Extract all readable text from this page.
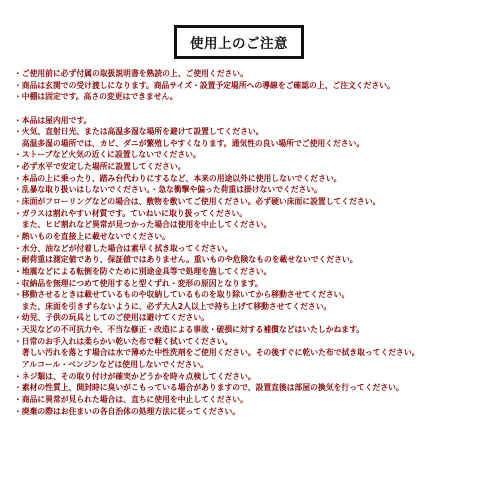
使用上のご注意
・ご使用前に必ず付属の取扱説明書を熟読の上、ご使用ください。
・商品は玄関での受け渡しになります。商品サイズ・設置予定場所への導線をご確認の上、ご注文ください。
・中棚は固定です。高さの変更はできません。
・本品は屋内用です。
・火気、直射日光、または高温多湿な場所を避けて設置してください。
　高温多湿の場所では、カビ、ダニが繁殖しやすくなります。通気性の良い場所でご使用ください。
・ストーブなど火気の近くに設置しないでください。
・必ず水平で安定した場所に設置してください。
・本品の上に乗ったり、踏み台代わりにするなど、本来の用途以外に使用しないでください。
・乱暴な取り扱いはしないでください。・急な衝撃や偏った荷重は掛けないでください。
・床面がフローリングなどの場合は、敷物を敷いてご使用ください。必ず硬い床面に設置してください。
・ガラスは割れやすい材質です。ていねいに取り扱ってください。
　また、ヒビ割れなど異常が見つかった場合は使用を中止してください。
・熱いものを直接上に載せないでください。
・水分、油などが付着した場合は素早く拭き取ってください。
・耐荷重は測定値であり、保証値ではありません。重いものや危険なものを載せないでください。
・地震などによる転倒を防ぐために別途金具等で処理を施してください。
・収納品を無理につめて使用すると型くずれ・変形の原因となります。
・移動させるときは載せているものや収納しているものを取り除いてから移動させてください。
　また、床面を引きずらないように、必ず大人2人以上で持ち上げて移動させてください。
・幼児、子供の玩具としてのご使用は避けてください。
・天災などの不可抗力や、不当な修正・改造による事故・破損に対する補償などはいたしかねます。
・日常のお手入れは柔らかい乾いた布で軽く拭いてください。
　著しい汚れを落とす場合は水で薄めた中性洗剤をご使用ください。その後すぐに乾いた布で拭き取ってください。
　アルコール・ベンジンなどは使用しないでください。
・ネジ類は、その取り付けが確実かどうかを時々点検してください。
・素材の性質上、開封時に臭いがこもっている場合がありますので、設置直後は部屋の換気を行ってください。
・商品に異常が見られた場合は、直ちに使用を中止してください。
・廃棄の際はお住まいの各自治体の処理方法に従ってください。
